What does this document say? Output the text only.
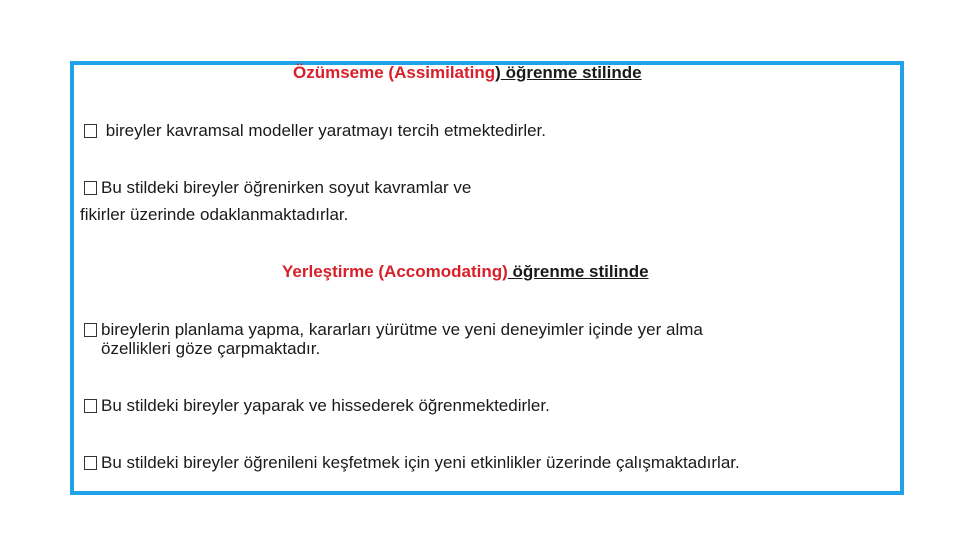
Özümseme (Assimilating) öğrenme stilinde
bireyler kavramsal modeller yaratmayı tercih etmektedirler.
Bu stildeki bireyler öğrenirken soyut kavramlar ve
fikirler üzerinde odaklanmaktadırlar.
Yerleştirme (Accomodating) öğrenme stilinde
bireylerin planlama yapma, kararları yürütme ve yeni deneyimler içinde yer alma
özellikleri göze çarpmaktadır.
Bu stildeki bireyler yaparak ve hissederek öğrenmektedirler.
Bu stildeki bireyler öğrenileni keşfetmek için yeni etkinlikler üzerinde çalışmaktadırlar.
